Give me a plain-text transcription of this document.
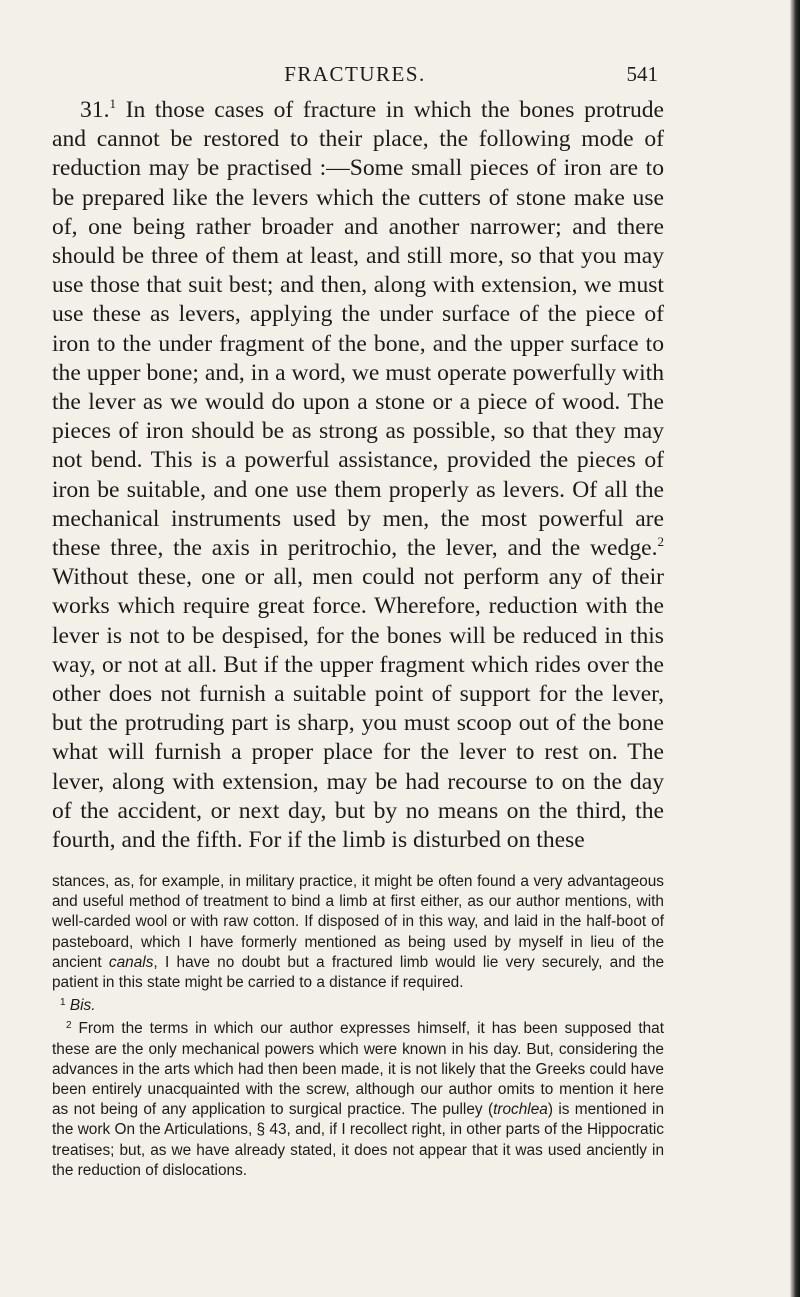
FRACTURES.	541

31.$^1$ In those cases of fracture in which the bones protrude and cannot be restored to their place, the following mode of reduction may be practised :—Some small pieces of iron are to be prepared like the levers which the cutters of stone make use of, one being rather broader and another narrower; and there should be three of them at least, and still more, so that you may use those that suit best; and then, along with extension, we must use these as levers, applying the under surface of the piece of iron to the under fragment of the bone, and the upper surface to the upper bone; and, in a word, we must operate powerfully with the lever as we would do upon a stone or a piece of wood. The pieces of iron should be as strong as possible, so that they may not bend. This is a powerful assistance, provided the pieces of iron be suitable, and one use them properly as levers. Of all the mechanical instruments used by men, the most powerful are these three, the axis in peritrochio, the lever, and the wedge.$^2$ Without these, one or all, men could not perform any of their works which require great force. Wherefore, reduction with the lever is not to be despised, for the bones will be reduced in this way, or not at all. But if the upper fragment which rides over the other does not furnish a suitable point of support for the lever, but the protruding part is sharp, you must scoop out of the bone what will furnish a proper place for the lever to rest on. The lever, along with extension, may be had recourse to on the day of the accident, or next day, but by no means on the third, the fourth, and the fifth. For if the limb is disturbed on these

stances, as, for example, in military practice, it might be often found a very advantageous and useful method of treatment to bind a limb at first either, as our author mentions, with well-carded wool or with raw cotton. If disposed of in this way, and laid in the half-boot of pasteboard, which I have formerly mentioned as being used by myself in lieu of the ancient canals, I have no doubt but a fractured limb would lie very securely, and the patient in this state might be carried to a distance if required.

$^1$ Bis.

$^2$ From the terms in which our author expresses himself, it has been supposed that these are the only mechanical powers which were known in his day. But, considering the advances in the arts which had then been made, it is not likely that the Greeks could have been entirely unacquainted with the screw, although our author omits to mention it here as not being of any application to surgical practice. The pulley (trochlea) is mentioned in the work On the Articulations, § 43, and, if I recollect right, in other parts of the Hippocratic treatises; but, as we have already stated, it does not appear that it was used anciently in the reduction of dislocations.
